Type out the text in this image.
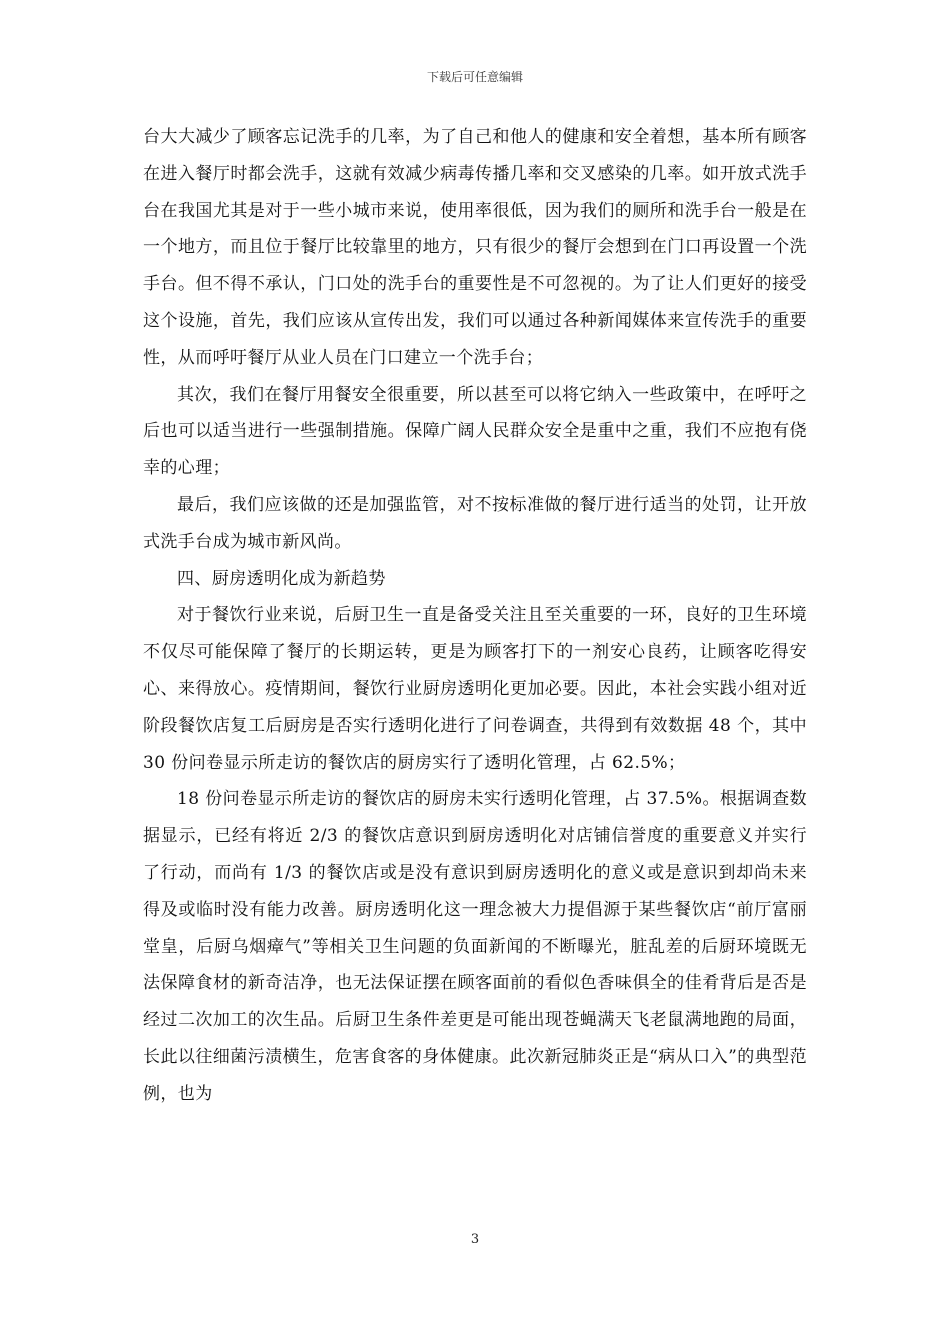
下载后可任意编辑

台大大减少了顾客忘记洗手的几率，为了自己和他人的健康和安全着想，基本所有顾客在进入餐厅时都会洗手，这就有效减少病毒传播几率和交叉感染的几率。如开放式洗手台在我国尤其是对于一些小城市来说，使用率很低，因为我们的厕所和洗手台一般是在一个地方，而且位于餐厅比较靠里的地方，只有很少的餐厅会想到在门口再设置一个洗手台。但不得不承认，门口处的洗手台的重要性是不可忽视的。为了让人们更好的接受这个设施，首先，我们应该从宣传出发，我们可以通过各种新闻媒体来宣传洗手的重要性，从而呼吁餐厅从业人员在门口建立一个洗手台；

其次，我们在餐厅用餐安全很重要，所以甚至可以将它纳入一些政策中，在呼吁之后也可以适当进行一些强制措施。保障广阔人民群众安全是重中之重，我们不应抱有侥幸的心理；

最后，我们应该做的还是加强监管，对不按标准做的餐厅进行适当的处罚，让开放式洗手台成为城市新风尚。

四、厨房透明化成为新趋势

对于餐饮行业来说，后厨卫生一直是备受关注且至关重要的一环，良好的卫生环境不仅尽可能保障了餐厅的长期运转，更是为顾客打下的一剂安心良药，让顾客吃得安心、来得放心。疫情期间，餐饮行业厨房透明化更加必要。因此，本社会实践小组对近阶段餐饮店复工后厨房是否实行透明化进行了问卷调查，共得到有效数据 48 个，其中 30 份问卷显示所走访的餐饮店的厨房实行了透明化管理，占 62.5%；

18 份问卷显示所走访的餐饮店的厨房未实行透明化管理，占 37.5%。根据调查数据显示，已经有将近 2/3 的餐饮店意识到厨房透明化对店铺信誉度的重要意义并实行了行动，而尚有 1/3 的餐饮店或是没有意识到厨房透明化的意义或是意识到却尚未来得及或临时没有能力改善。厨房透明化这一理念被大力提倡源于某些餐饮店“前厅富丽堂皇，后厨乌烟瘴气”等相关卫生问题的负面新闻的不断曝光，脏乱差的后厨环境既无法保障食材的新奇洁净，也无法保证摆在顾客面前的看似色香味俱全的佳肴背后是否是经过二次加工的次生品。后厨卫生条件差更是可能出现苍蝇满天飞老鼠满地跑的局面，长此以往细菌污渍横生，危害食客的身体健康。此次新冠肺炎正是“病从口入”的典型范例，也为

3
